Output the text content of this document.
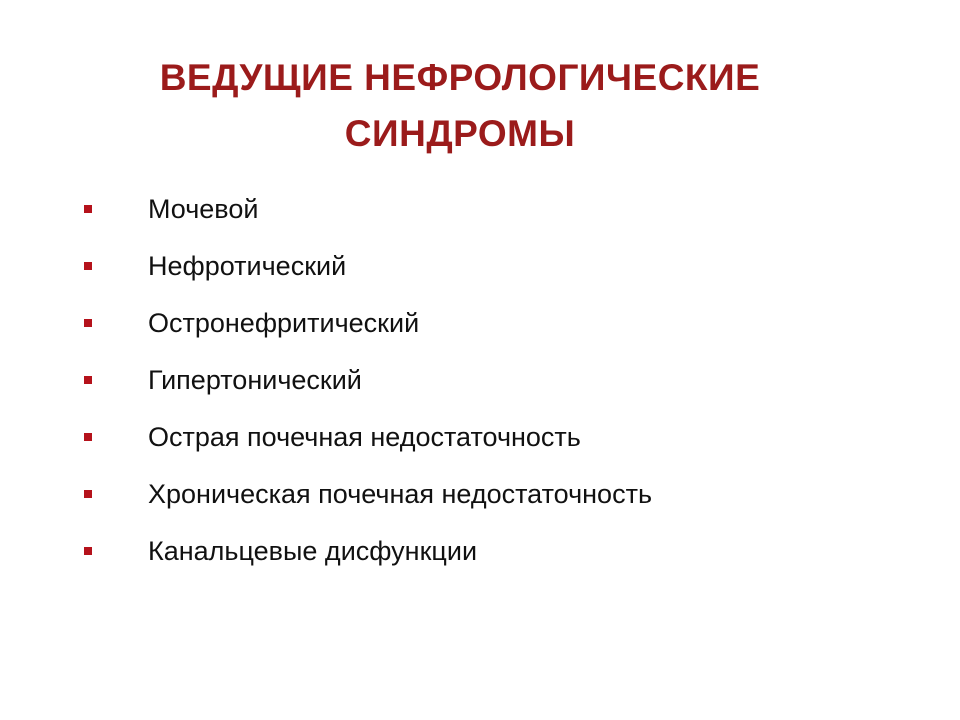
ВЕДУЩИЕ НЕФРОЛОГИЧЕСКИЕ
СИНДРОМЫ
Мочевой
Нефротический
Остронефритический
Гипертонический
Острая почечная недостаточность
Хроническая почечная недостаточность
Канальцевые дисфункции
